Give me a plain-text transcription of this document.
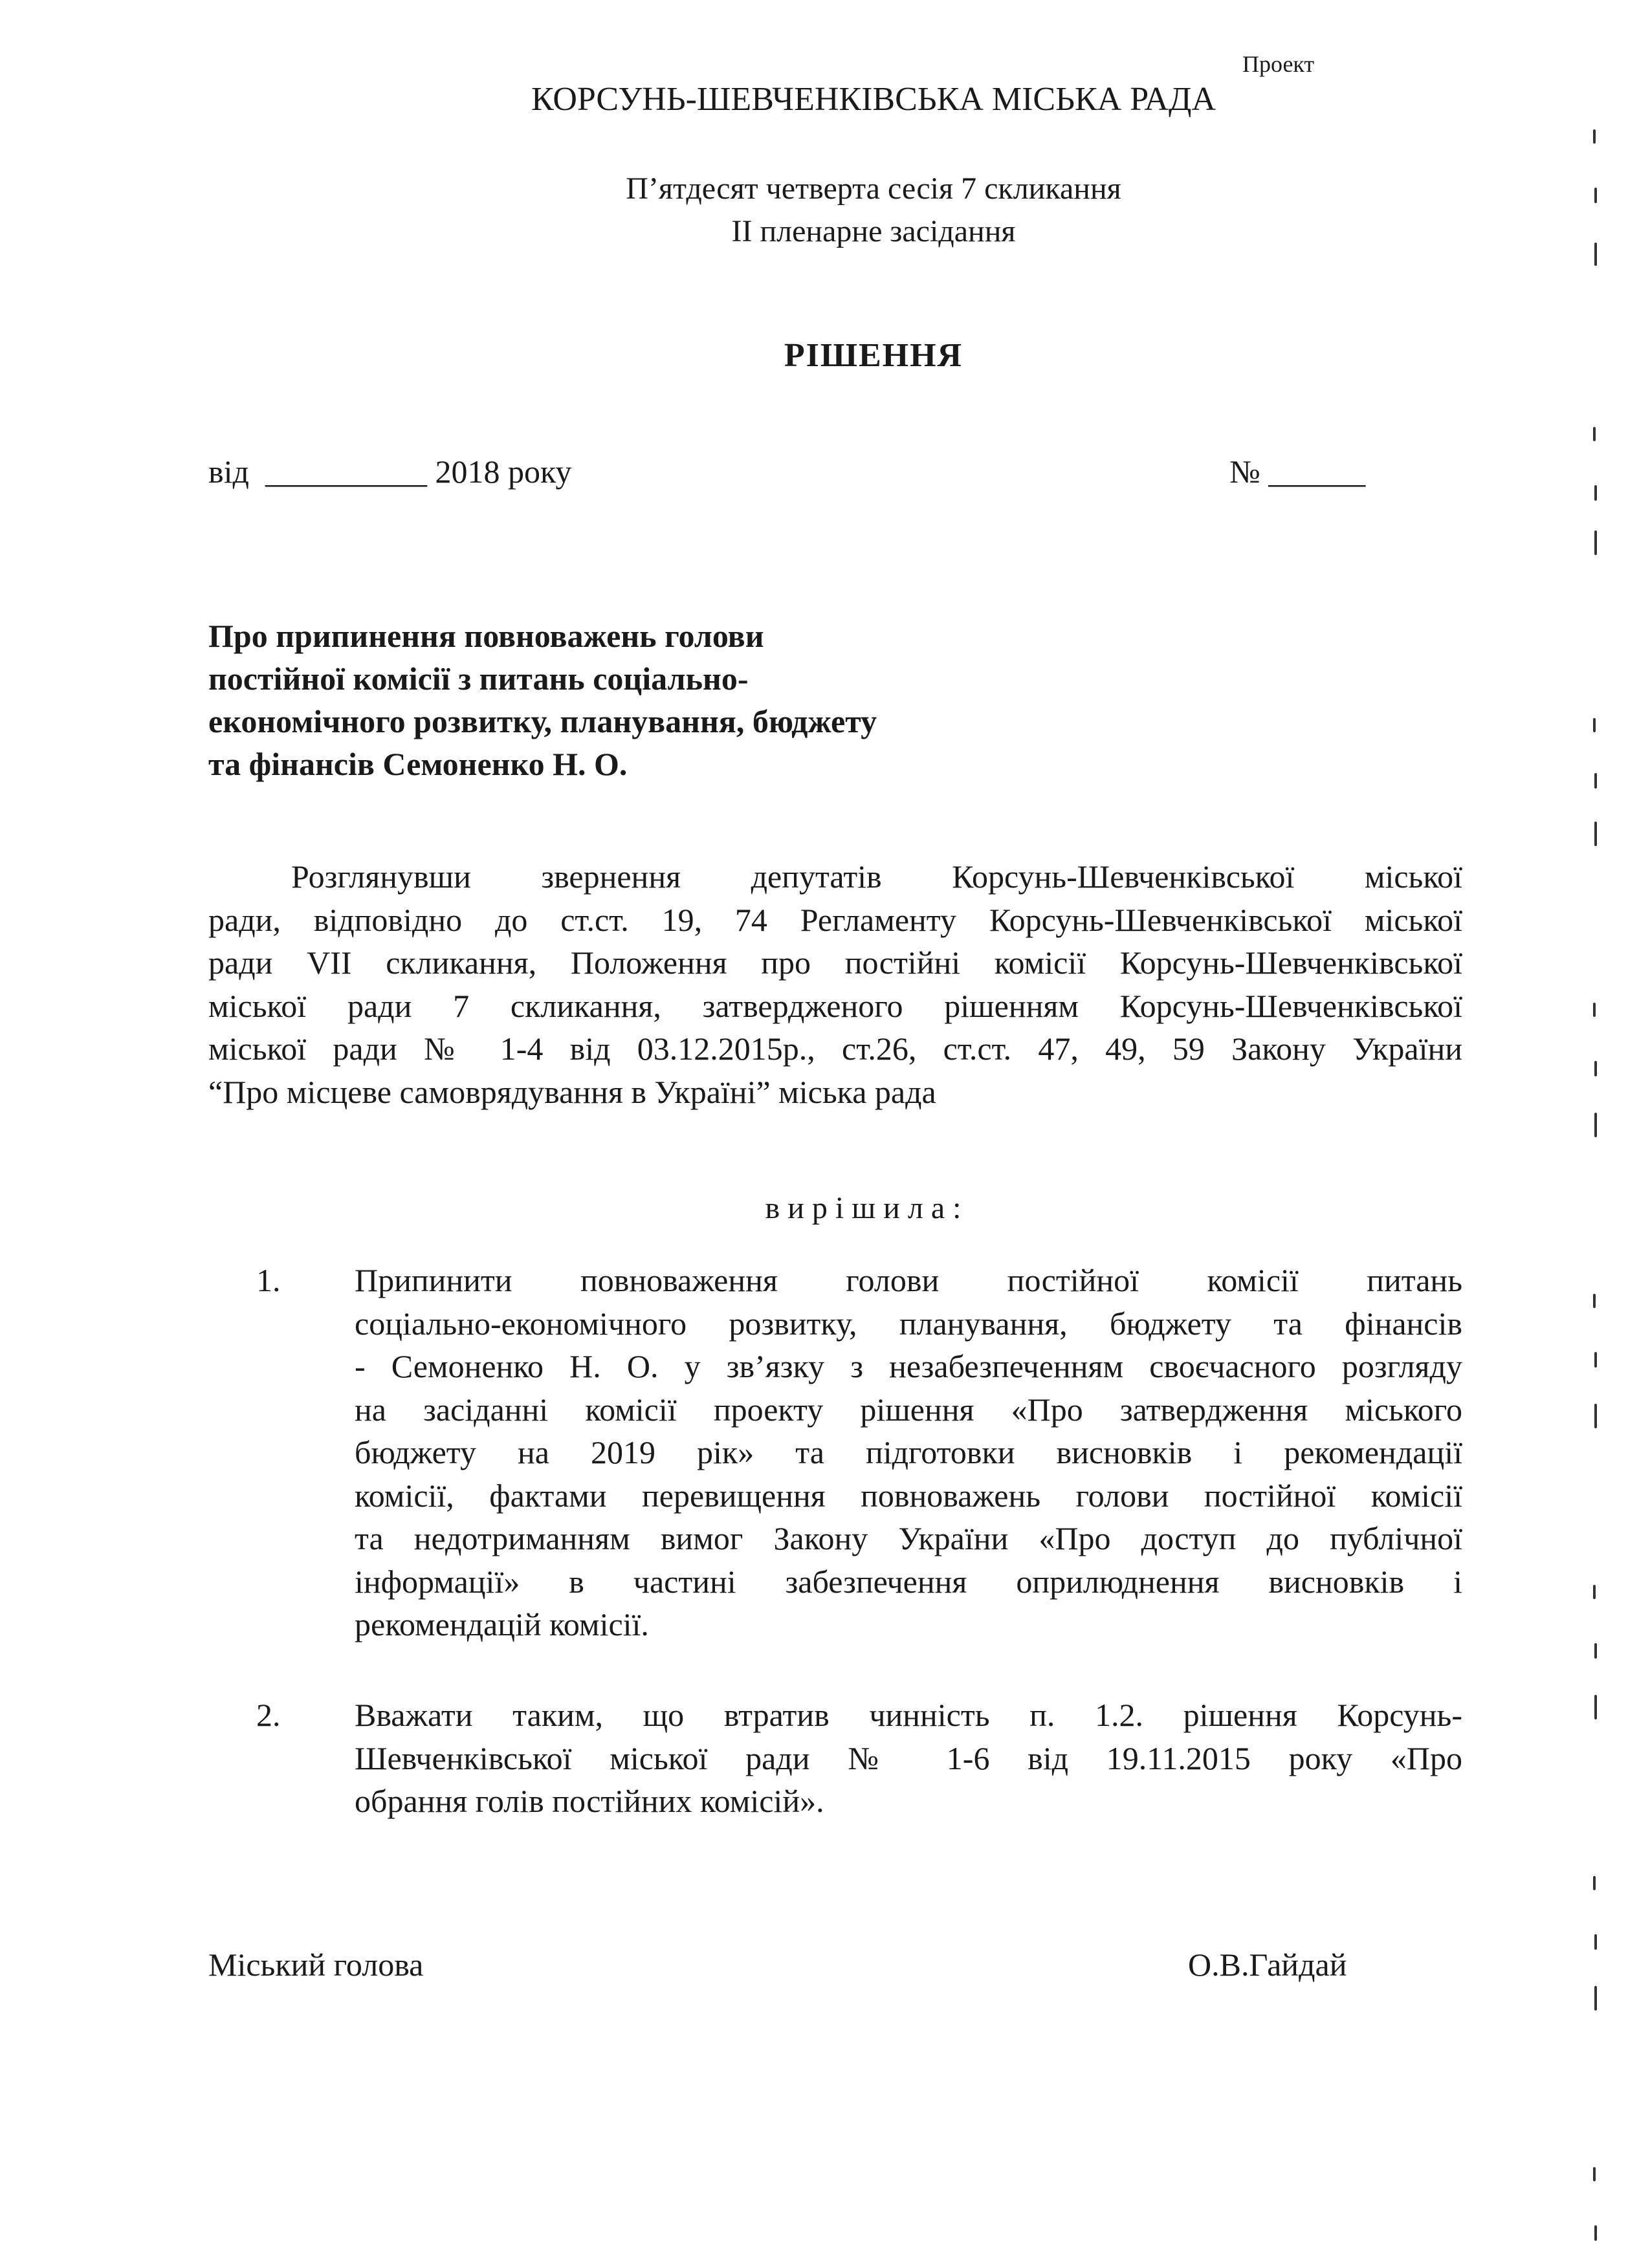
Проект
КОРСУНЬ-ШЕВЧЕНКІВСЬКА МІСЬКА РАДА
П’ятдесят четверта сесія 7 скликання
ІІ пленарне засідання
РІШЕННЯ
від  __________ 2018 року	№ ______
Про припинення повноважень голови
постійної комісії з питань соціально-
економічного розвитку, планування, бюджету
та фінансів Семоненко Н. О.
Розглянувши звернення депутатів Корсунь-Шевченківської міської
ради, відповідно до ст.ст. 19, 74 Регламенту Корсунь-Шевченківської міської
ради VII скликання, Положення про постійні комісії Корсунь-Шевченківської
міської ради 7 скликання, затвердженого рішенням Корсунь-Шевченківської
міської ради № 1-4 від 03.12.2015р., ст.26, ст.ст. 47, 49, 59 Закону України
“Про місцеве самоврядування в Україні” міська рада
вирішила:
1. Припинити повноваження голови постійної комісії питань
соціально-економічного розвитку, планування, бюджету та фінансів
- Семоненко Н. О. у зв’язку з незабезпеченням своєчасного розгляду
на засіданні комісії проекту рішення «Про затвердження міського
бюджету на 2019 рік» та підготовки висновків і рекомендації
комісії, фактами перевищення повноважень голови постійної комісії
та недотриманням вимог Закону України «Про доступ до публічної
інформації» в частині забезпечення оприлюднення висновків і
рекомендацій комісії.
2. Вважати таким, що втратив чинність п. 1.2. рішення Корсунь-
Шевченківської міської ради № 1-6 від 19.11.2015 року «Про
обрання голів постійних комісій».
Міський голова	О.В.Гайдай
